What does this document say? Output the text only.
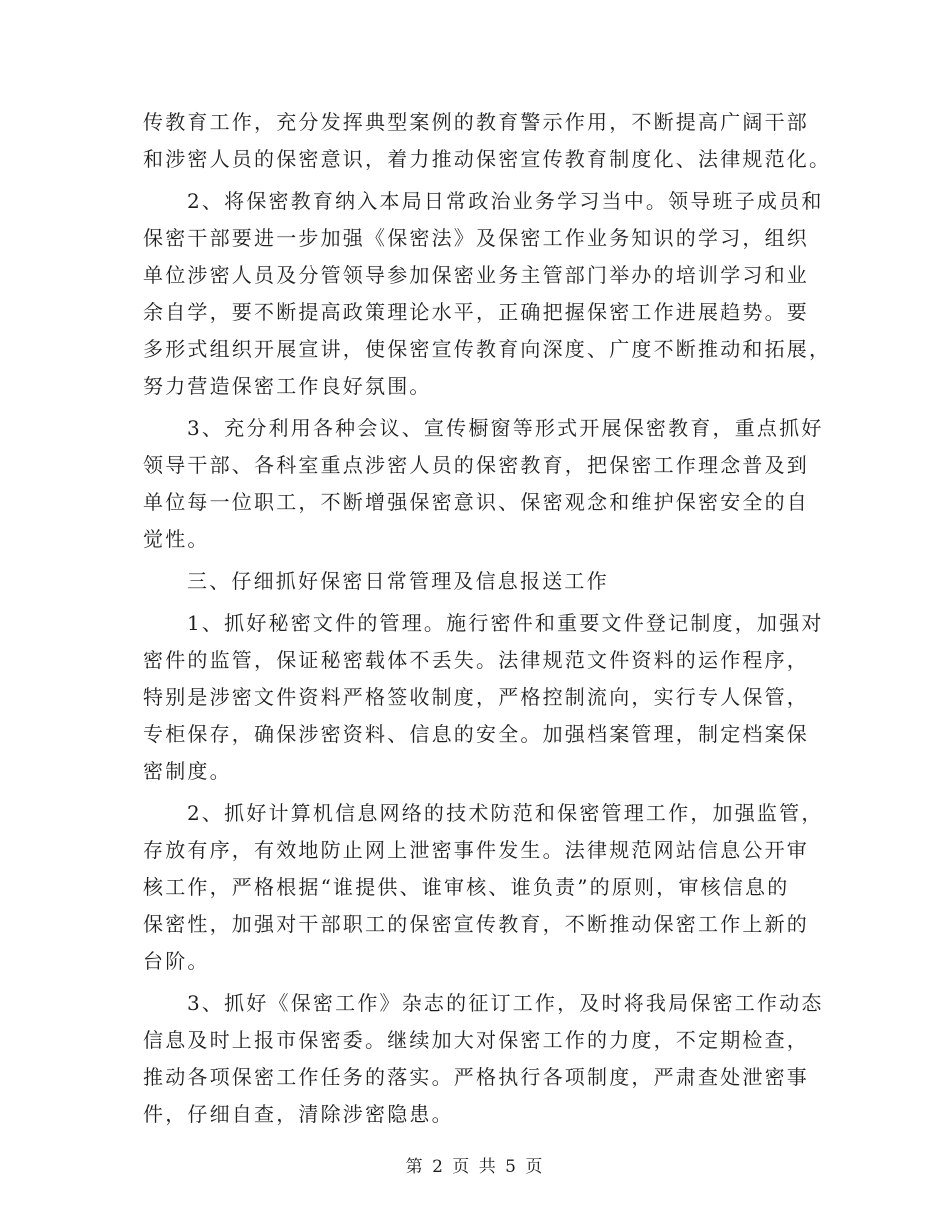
传教育工作，充分发挥典型案例的教育警示作用，不断提高广阔干部
和涉密人员的保密意识，着力推动保密宣传教育制度化、法律规范化。
2、将保密教育纳入本局日常政治业务学习当中。领导班子成员和
保密干部要进一步加强《保密法》及保密工作业务知识的学习，组织
单位涉密人员及分管领导参加保密业务主管部门举办的培训学习和业
余自学，要不断提高政策理论水平，正确把握保密工作进展趋势。要
多形式组织开展宣讲，使保密宣传教育向深度、广度不断推动和拓展，
努力营造保密工作良好氛围。
3、充分利用各种会议、宣传橱窗等形式开展保密教育，重点抓好
领导干部、各科室重点涉密人员的保密教育，把保密工作理念普及到
单位每一位职工，不断增强保密意识、保密观念和维护保密安全的自
觉性。
三、仔细抓好保密日常管理及信息报送工作
1、抓好秘密文件的管理。施行密件和重要文件登记制度，加强对
密件的监管，保证秘密载体不丢失。法律规范文件资料的运作程序，
特别是涉密文件资料严格签收制度，严格控制流向，实行专人保管，
专柜保存，确保涉密资料、信息的安全。加强档案管理，制定档案保
密制度。
2、抓好计算机信息网络的技术防范和保密管理工作，加强监管，
存放有序，有效地防止网上泄密事件发生。法律规范网站信息公开审
核工作，严格根据“谁提供、谁审核、谁负责”的原则，审核信息的
保密性，加强对干部职工的保密宣传教育，不断推动保密工作上新的
台阶。
3、抓好《保密工作》杂志的征订工作，及时将我局保密工作动态
信息及时上报市保密委。继续加大对保密工作的力度，不定期检查，
推动各项保密工作任务的落实。严格执行各项制度，严肃查处泄密事
件，仔细自查，清除涉密隐患。
第 2 页 共 5 页
